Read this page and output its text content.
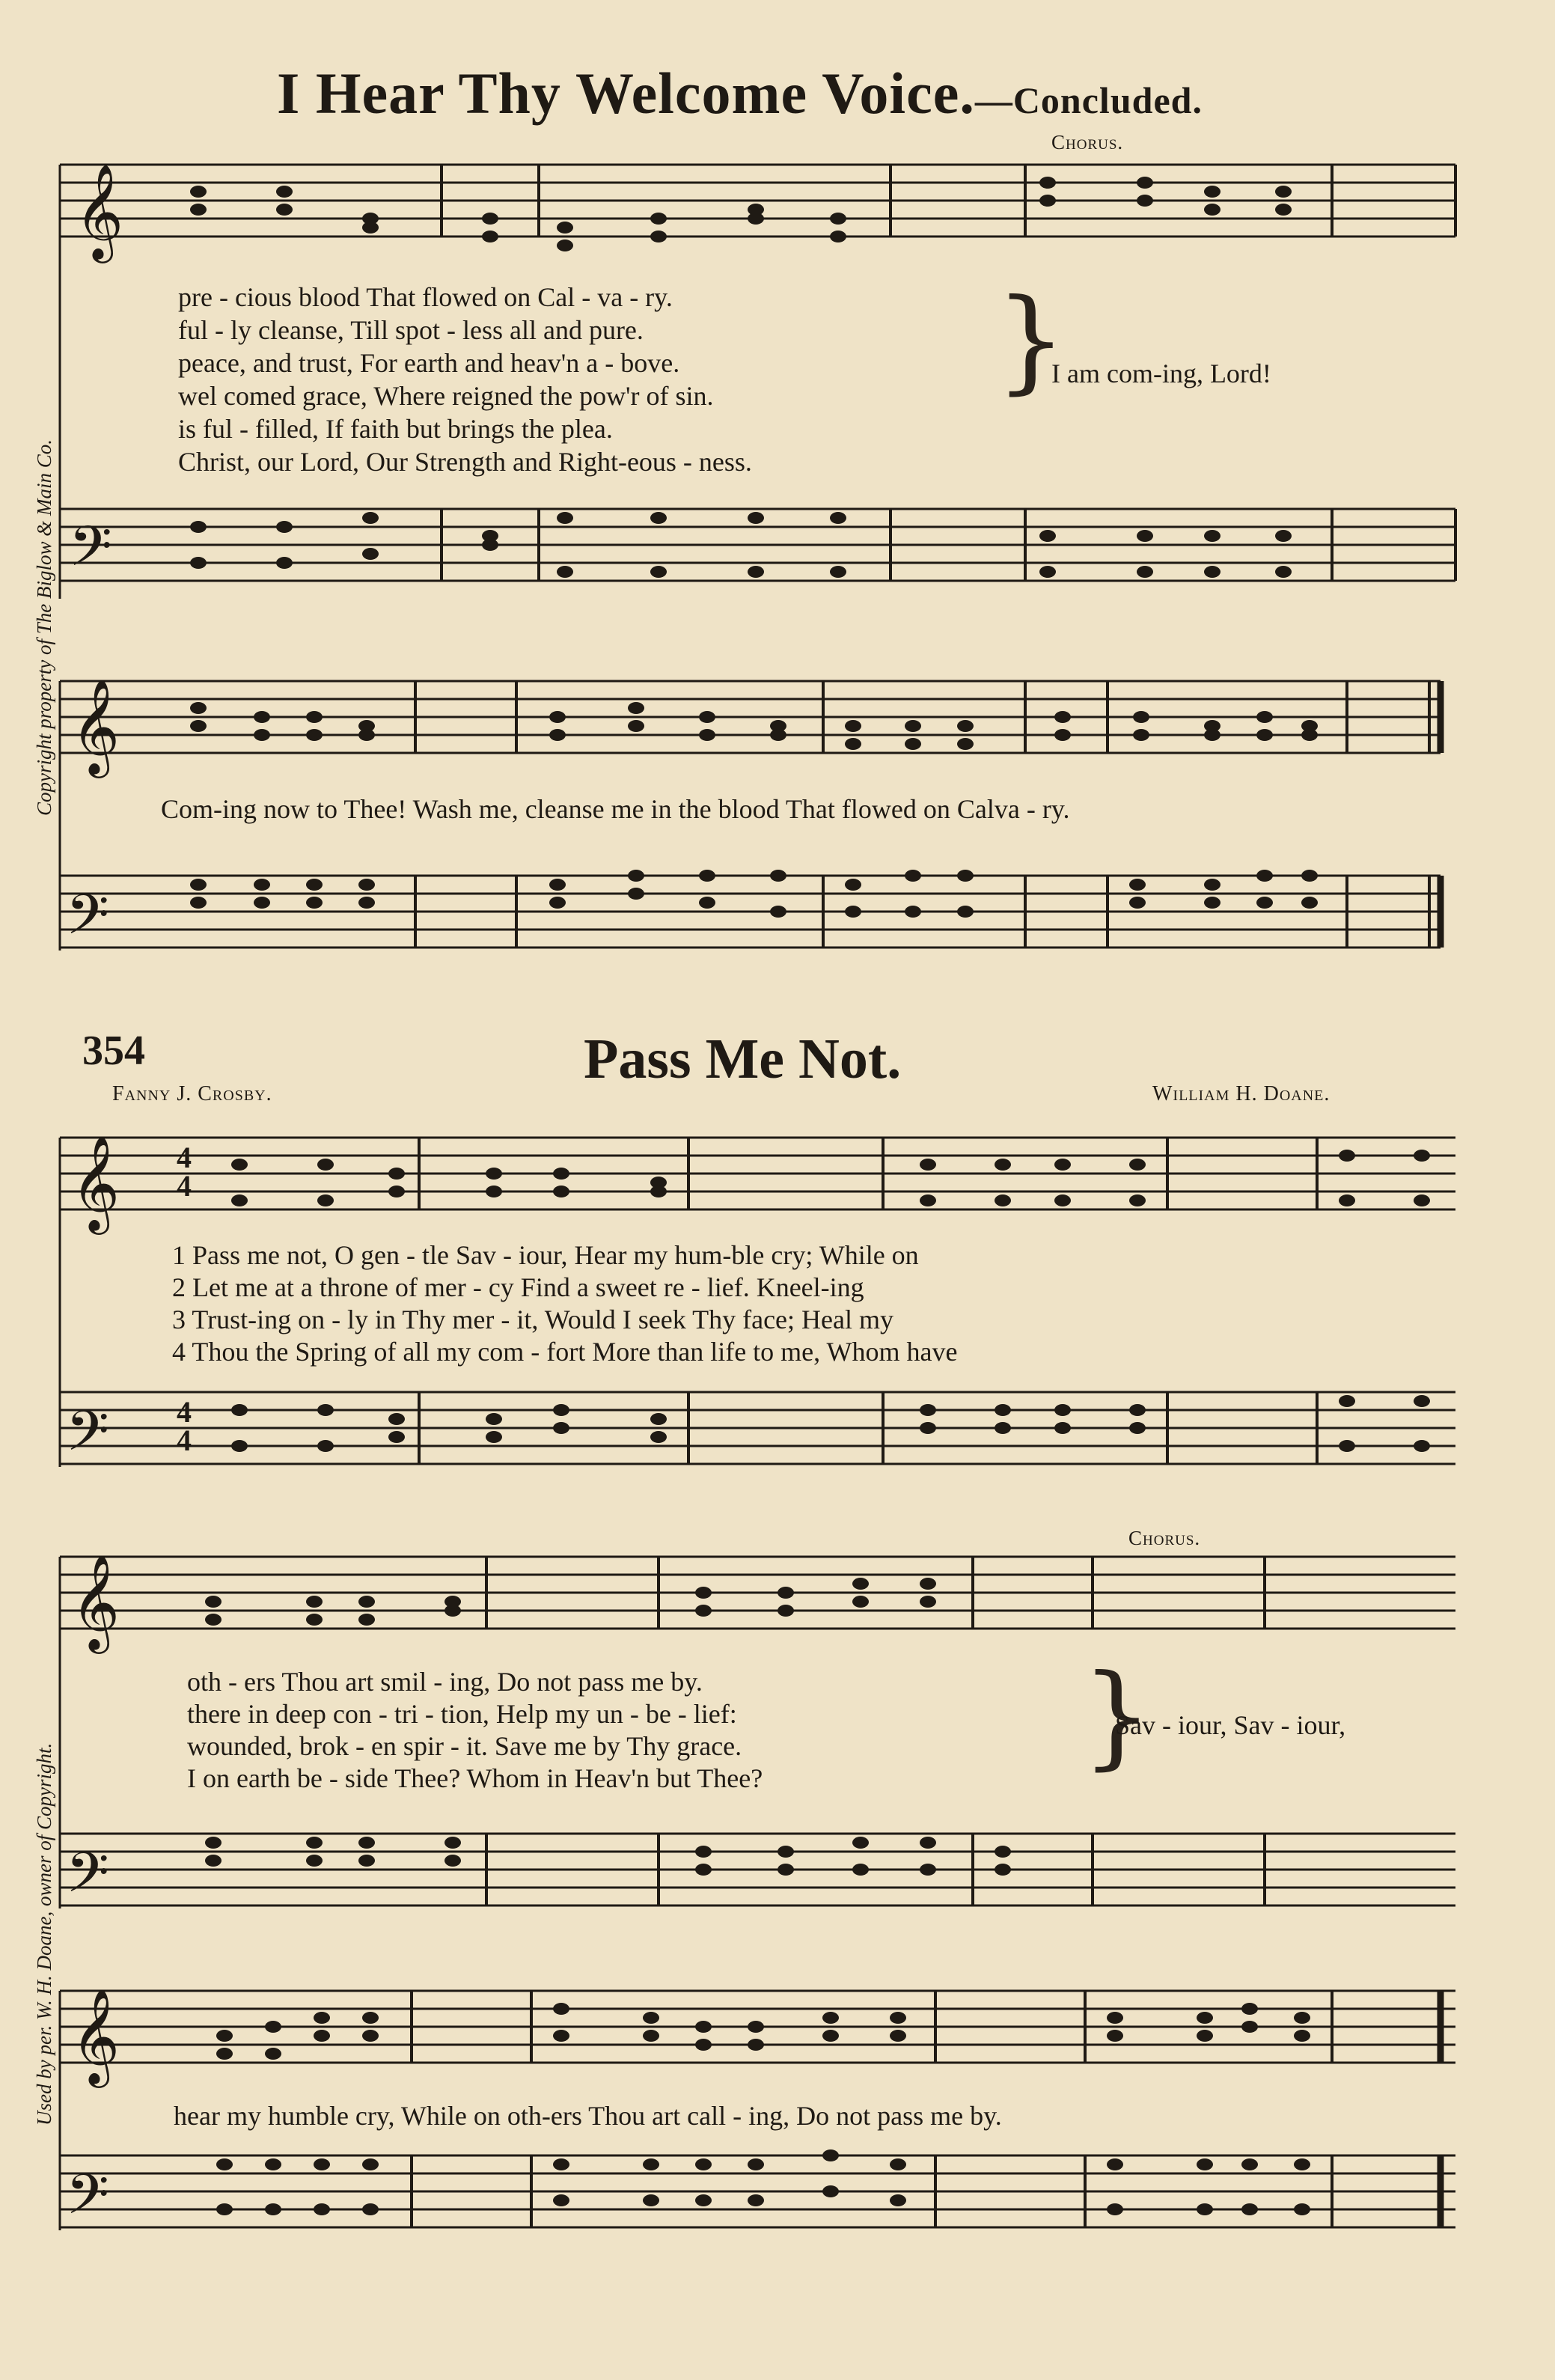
I Hear Thy Welcome Voice.—Concluded.
Copyright property of The Biglow & Main Co.
Used by per. W. H. Doane, owner of Copyright.
𝄞
𝄢
Chorus.
pre - cious blood That flowed on Cal - va - ry.
ful - ly cleanse, Till spot - less all and pure.
peace, and trust, For earth and heav'n a - bove.
wel comed grace, Where reigned the pow'r of sin.
is ful - filled, If faith but brings the plea.
Christ, our Lord, Our Strength and Right-eous - ness.
}
I am com-ing, Lord!
𝄞
𝄢
Com-ing now to Thee! Wash me, cleanse me in the blood That flowed on Calva - ry.
354	Pass Me Not.
Fanny J. Crosby.	William H. Doane.
𝄞
𝄢
4
4
4
4
1 Pass me not, O gen - tle Sav - iour, Hear my hum-ble cry; While on
2 Let me at a throne of mer - cy Find a sweet re - lief. Kneel-ing
3 Trust-ing on - ly in Thy mer - it, Would I seek Thy face; Heal my
4 Thou the Spring of all my com - fort More than life to me, Whom have
𝄞
𝄢
Chorus.
oth - ers Thou art smil - ing, Do not pass me by.
there in deep con - tri - tion, Help my un - be - lief:
wounded, brok - en spir - it. Save me by Thy grace.
I on earth be - side Thee? Whom in Heav'n but Thee?	}
Sav - iour, Sav - iour,
𝄞
𝄢
hear my humble cry, While on oth-ers Thou art call - ing, Do not pass me by.
